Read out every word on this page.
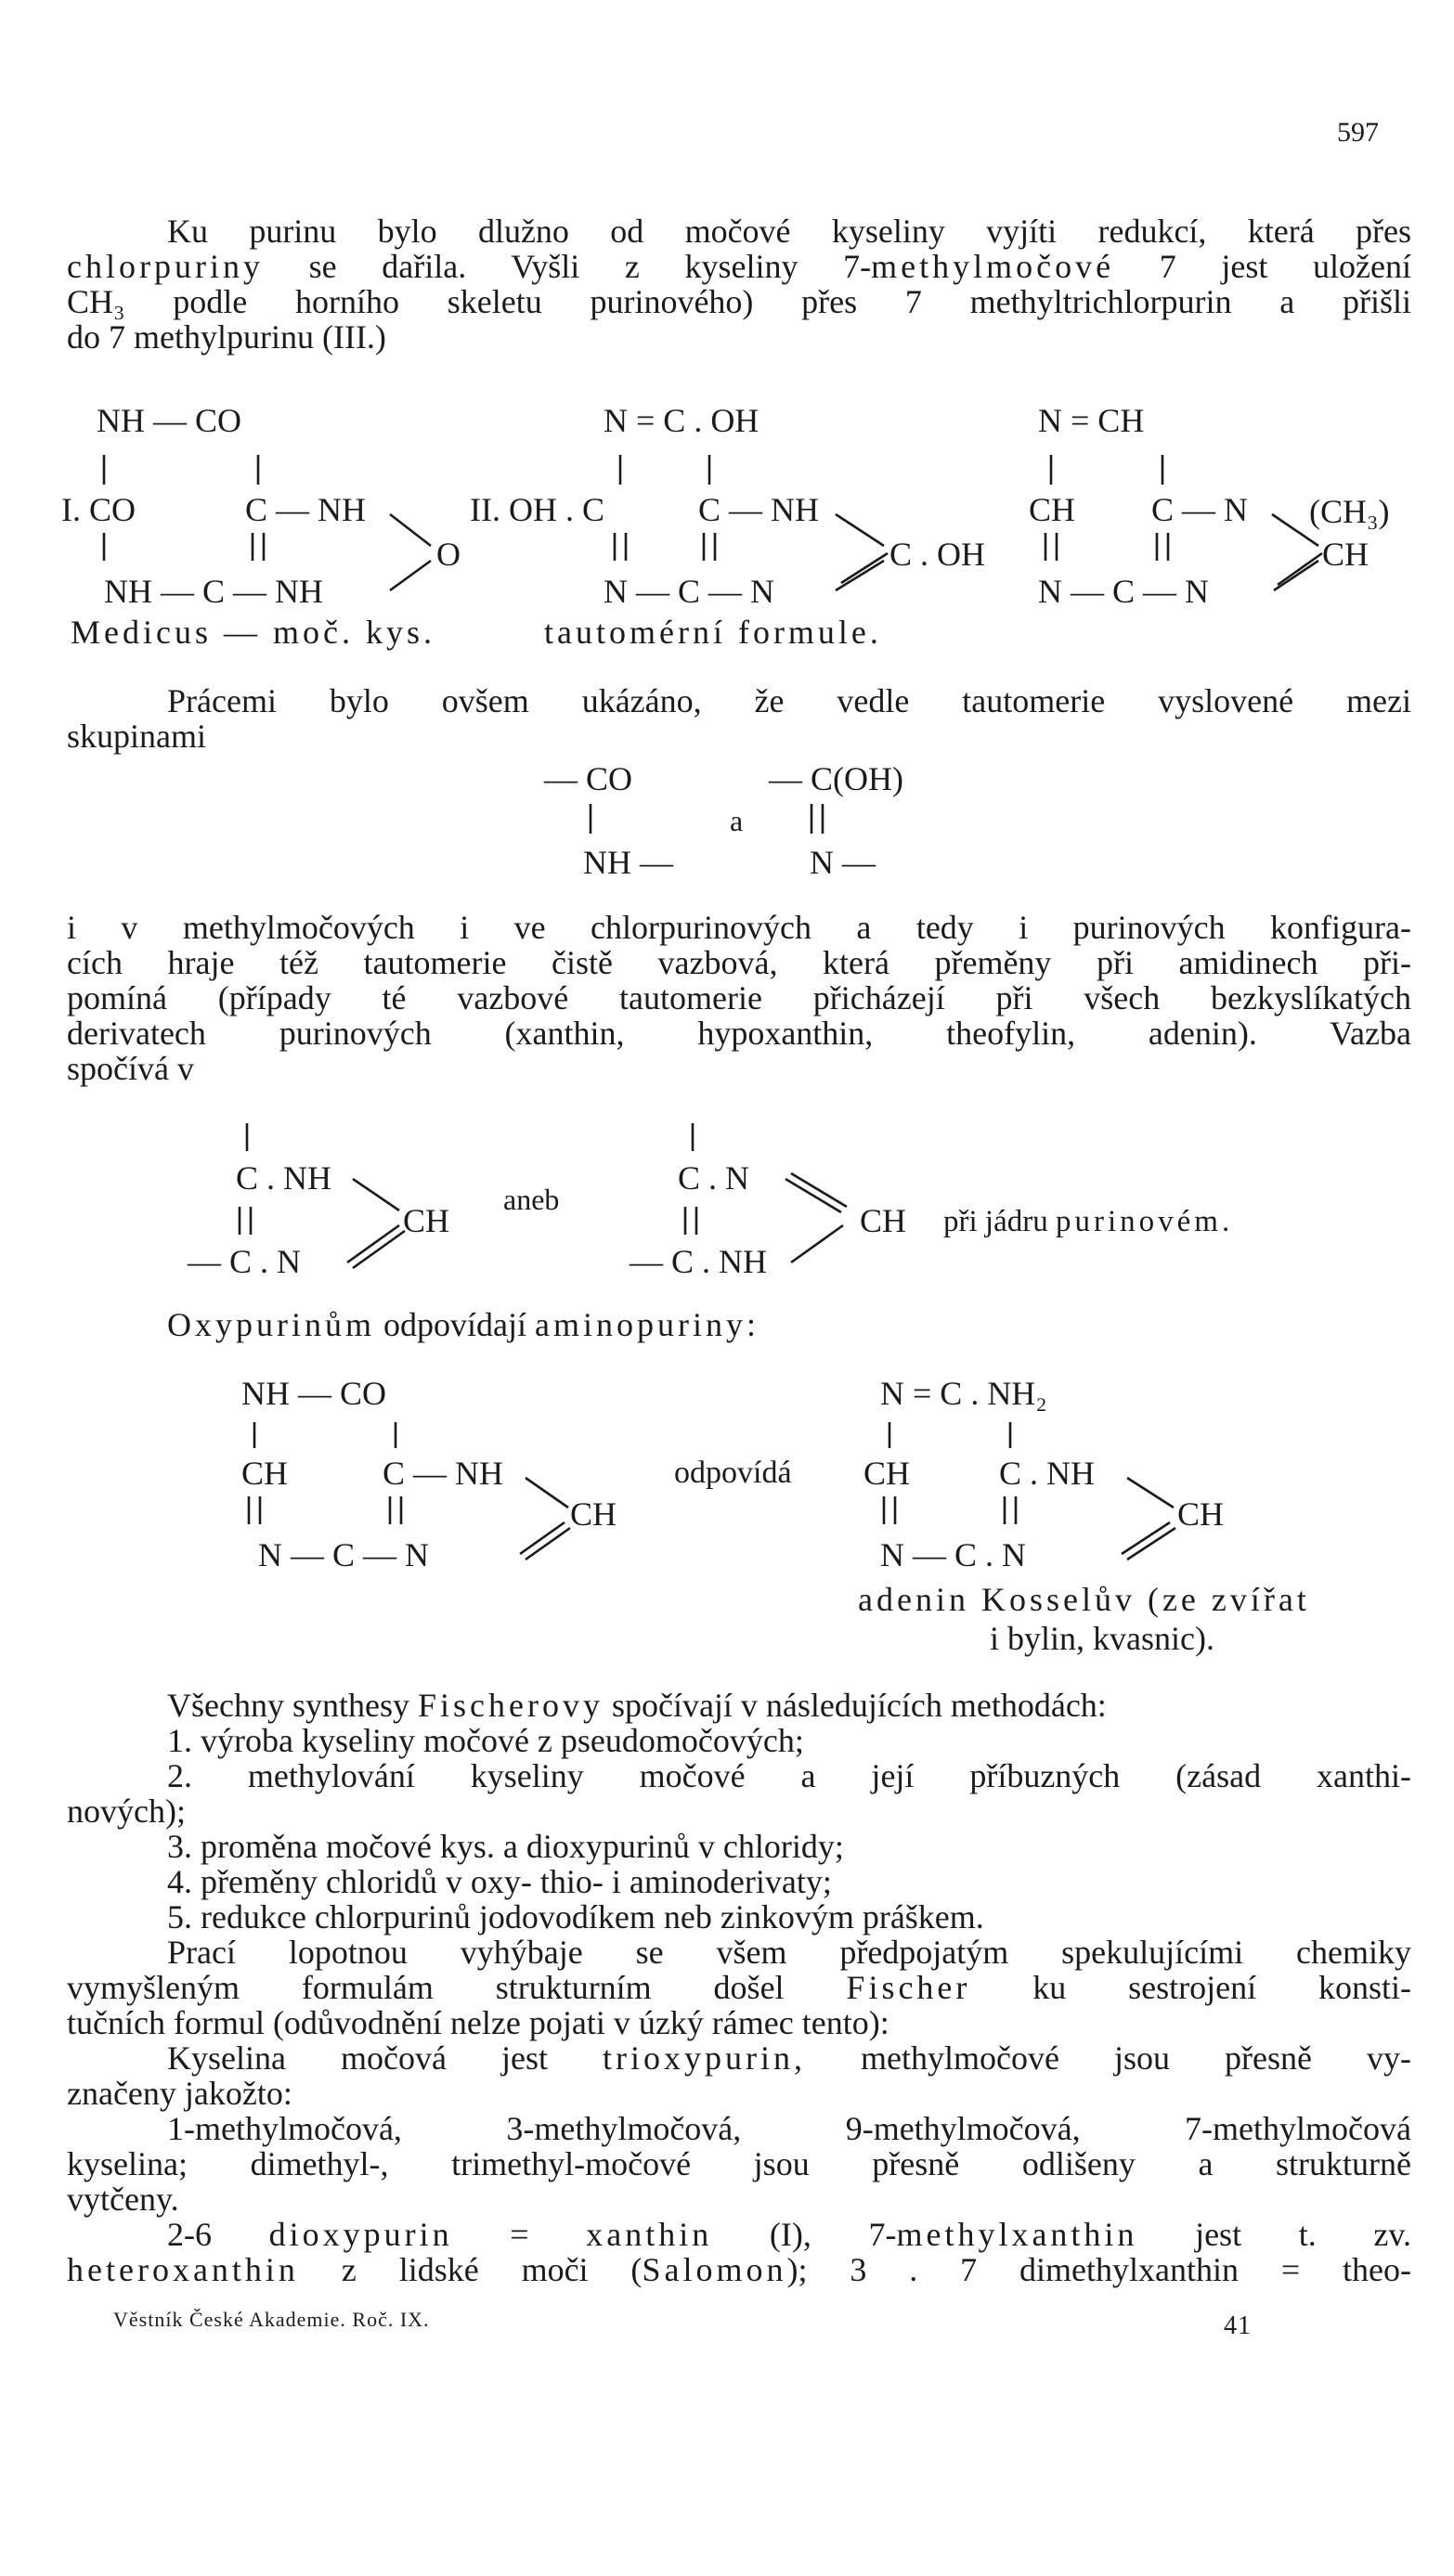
597
Ku purinu bylo dlužno od močové kyseliny vyjíti redukcí, která přes
chlorpuriny se dařila. Vyšli z kyseliny 7-methylmočové 7 jest uložení
CH₃ podle horního skeletu purinového) přes 7 methyltrichlorpurin a přišli
do 7 methylpurinu (III.)
NH — CO
I. CO	C — NH
O
NH — C — NH
N = C . OH
II. OH . C	C — NH
C . OH
N — C — N
N = CH
CH C — N (CH₃)
CH
N — C — N
Medicus — moč. kys.	tautomérní formule.
Prácemi bylo ovšem ukázáno, že vedle tautomerie vyslovené mezi
skupinami
— CO
NH —
a
— C(OH)
N —
i v methylmočových i ve chlorpurinových a tedy i purinových konfigura-
cích hraje též tautomerie čistě vazbová, která přeměny při amidinech při-
pomíná (případy té vazbové tautomerie přicházejí při všech bezkyslíkatých
derivatech purinových (xanthin, hypoxanthin, theofylin, adenin). Vazba
spočívá v
C . NH
CH
— C . N
aneb
C . N
CH
— C . NH
při jádru purinovém.
Oxypurinům odpovídají aminopuriny:
NH — CO
CH	C — NH
CH
N — C — N
odpovídá
N = C . NH₂
CH	C . NH
CH
N — C . N
adenin Kosselův (ze zvířat
i bylin, kvasnic).
Všechny synthesy Fischerovy spočívají v následujících methodách:
1. výroba kyseliny močové z pseudomočových;
2. methylování kyseliny močové a její příbuzných (zásad xanthi-
nových);
3. proměna močové kys. a dioxypurinů v chloridy;
4. přeměny chloridů v oxy- thio- i aminoderivaty;
5. redukce chlorpurinů jodovodíkem neb zinkovým práškem.
Prací lopotnou vyhýbaje se všem předpojatým spekulujícími chemiky
vymyšleným formulám strukturním došel Fischer ku sestrojení konsti-
tučních formul (odůvodnění nelze pojati v úzký rámec tento):
Kyselina močová jest trioxypurin, methylmočové jsou přesně vy-
značeny jakožto:
1-methylmočová, 3-methylmočová, 9-methylmočová, 7-methylmočová
kyselina; dimethyl-, trimethyl-močové jsou přesně odlišeny a strukturně
vytčeny.
2-6 dioxypurin = xanthin (I), 7-methylxanthin jest t. zv.
heteroxanthin z lidské moči (Salomon); 3 . 7 dimethylxanthin = theo-
Věstník České Akademie. Roč. IX.	41
